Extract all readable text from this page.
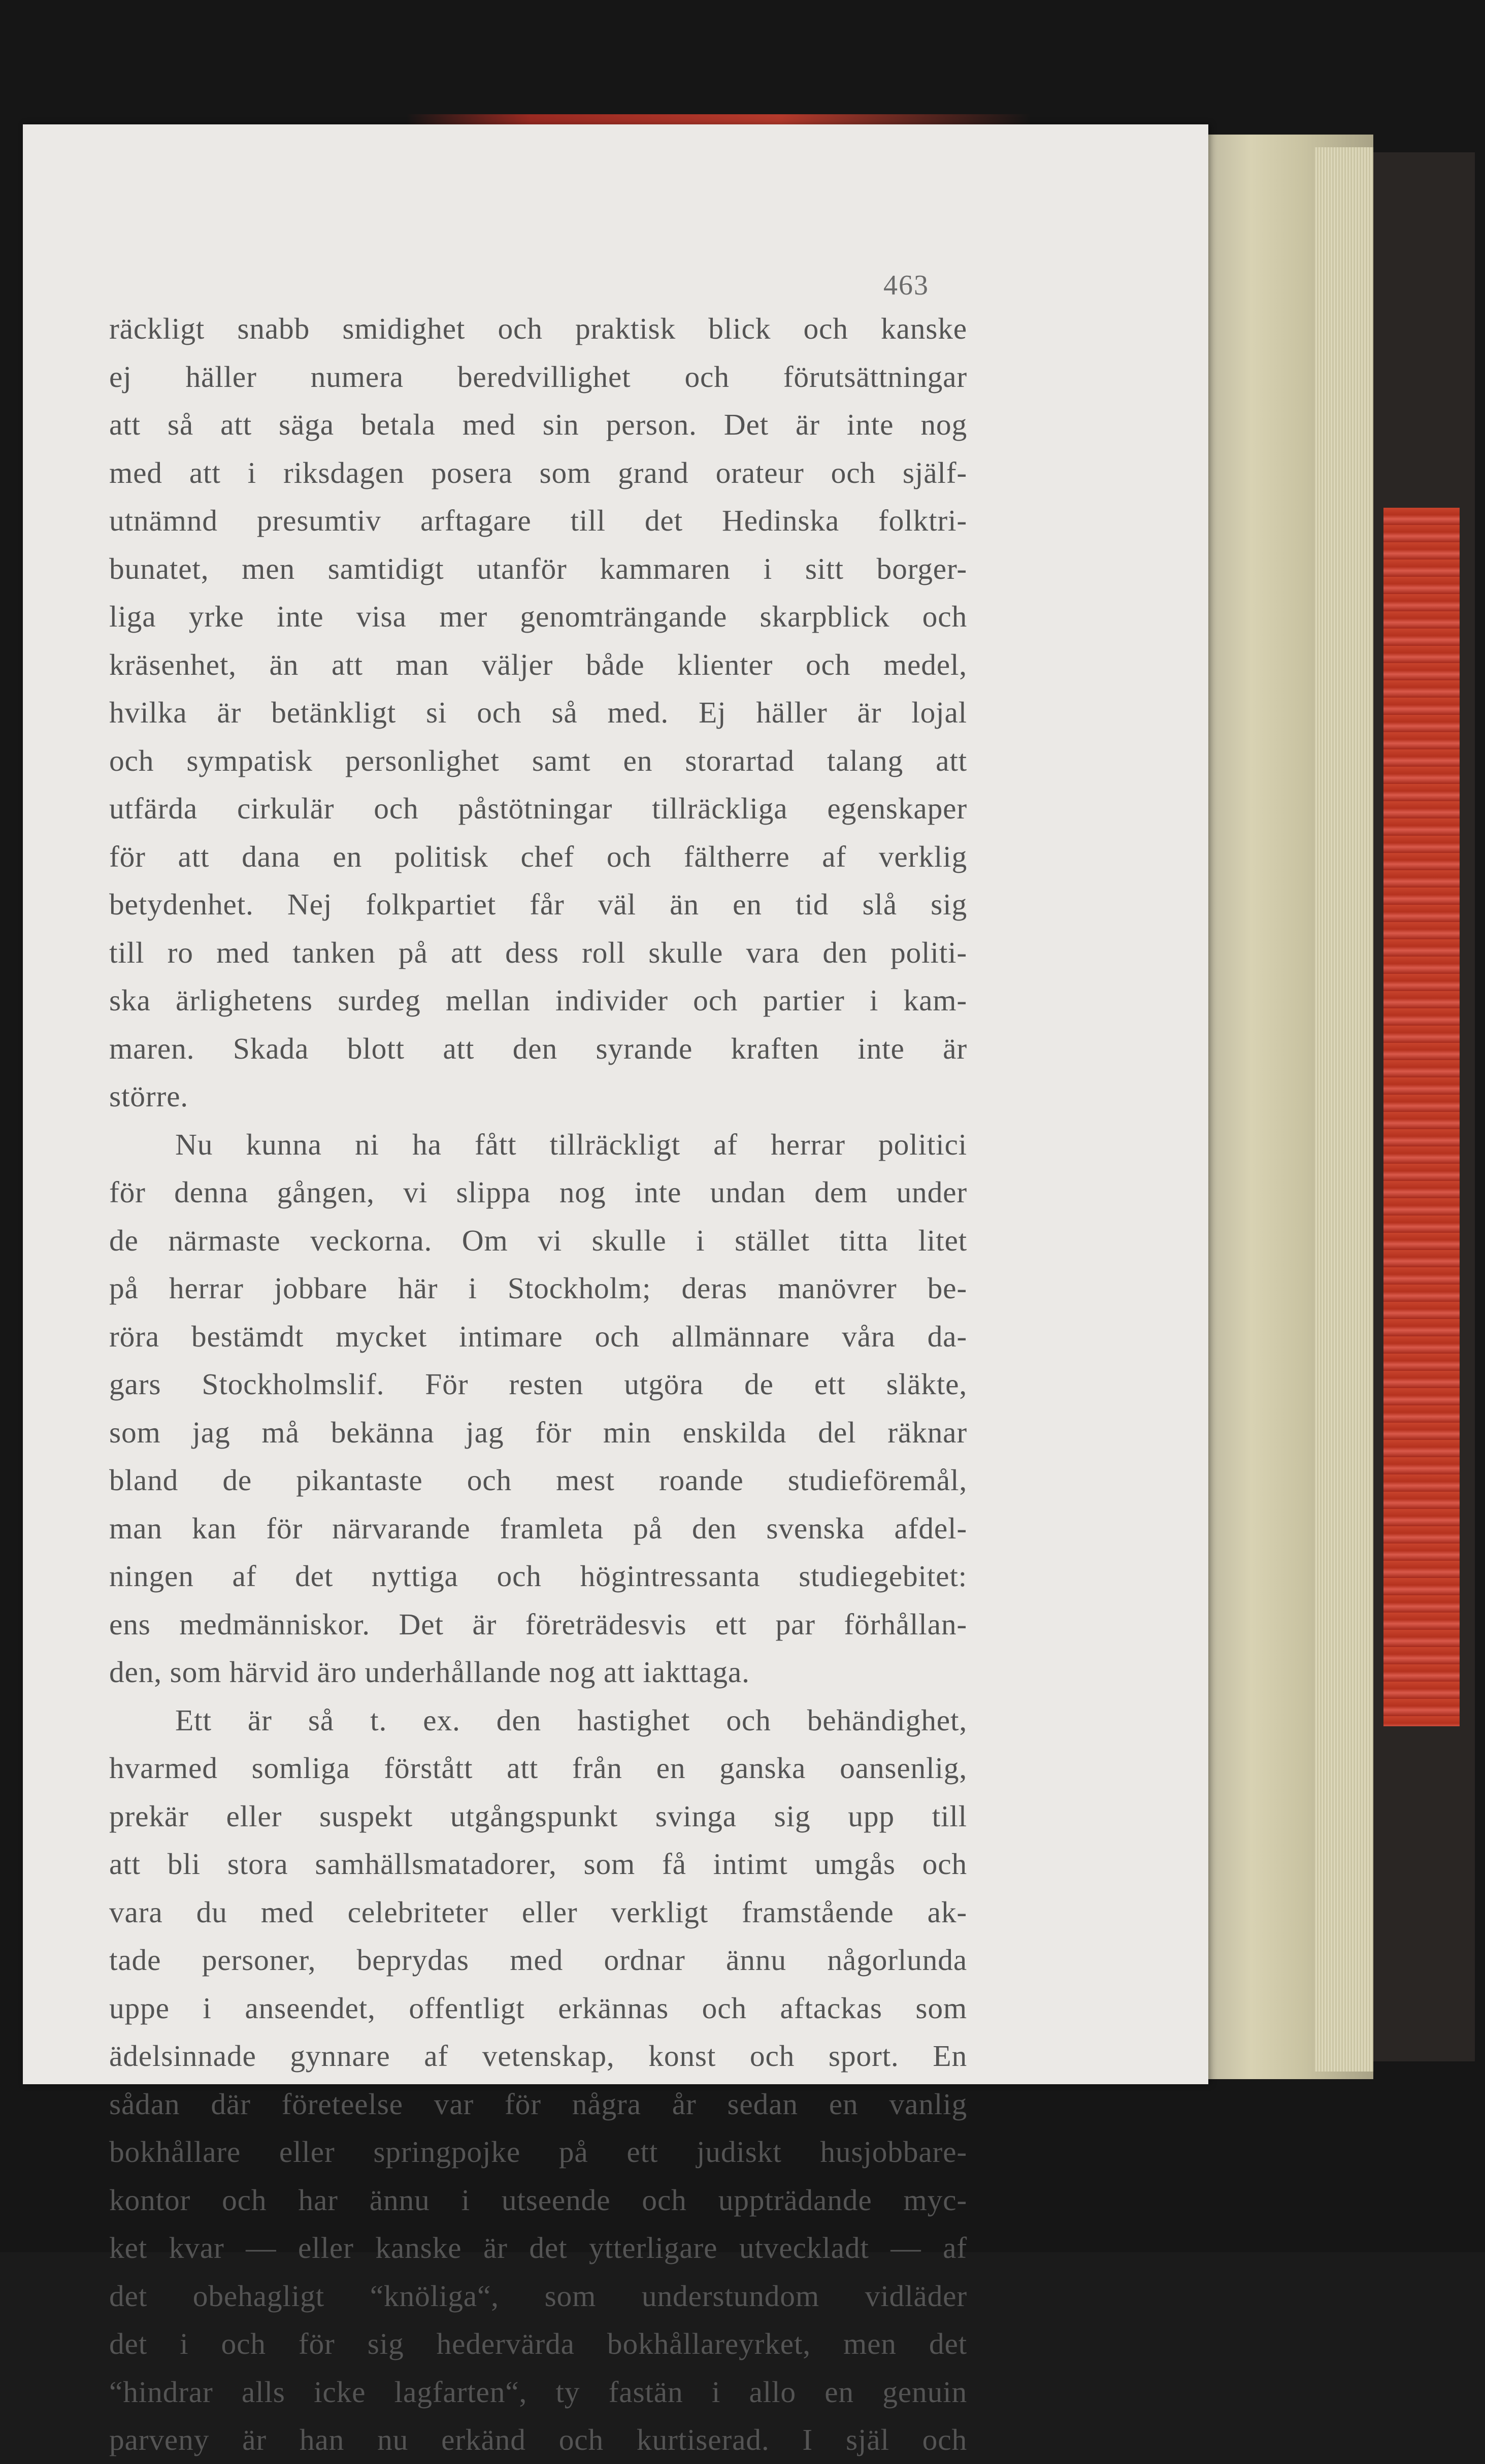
463
räckligt snabb smidighet och praktisk blick och kanske
ej häller numera beredvillighet och förutsättningar
att så att säga betala med sin person. Det är inte nog
med att i riksdagen posera som grand orateur och själf-
utnämnd presumtiv arftagare till det Hedinska folktri-
bunatet, men samtidigt utanför kammaren i sitt borger-
liga yrke inte visa mer genomträngande skarpblick och
kräsenhet, än att man väljer både klienter och medel,
hvilka är betänkligt si och så med. Ej häller är lojal
och sympatisk personlighet samt en storartad talang att
utfärda cirkulär och påstötningar tillräckliga egenskaper
för att dana en politisk chef och fältherre af verklig
betydenhet. Nej folkpartiet får väl än en tid slå sig
till ro med tanken på att dess roll skulle vara den politi-
ska ärlighetens surdeg mellan individer och partier i kam-
maren. Skada blott att den syrande kraften inte är
större.
Nu kunna ni ha fått tillräckligt af herrar politici
för denna gången, vi slippa nog inte undan dem under
de närmaste veckorna. Om vi skulle i stället titta litet
på herrar jobbare här i Stockholm; deras manövrer be-
röra bestämdt mycket intimare och allmännare våra da-
gars Stockholmslif. För resten utgöra de ett släkte,
som jag må bekänna jag för min enskilda del räknar
bland de pikantaste och mest roande studieföremål,
man kan för närvarande framleta på den svenska afdel-
ningen af det nyttiga och högintressanta studiegebitet:
ens medmänniskor. Det är företrädesvis ett par förhållan-
den, som härvid äro underhållande nog att iakttaga.
Ett är så t. ex. den hastighet och behändighet,
hvarmed somliga förstått att från en ganska oansenlig,
prekär eller suspekt utgångspunkt svinga sig upp till
att bli stora samhällsmatadorer, som få intimt umgås och
vara du med celebriteter eller verkligt framstående ak-
tade personer, beprydas med ordnar ännu någorlunda
uppe i anseendet, offentligt erkännas och aftackas som
ädelsinnade gynnare af vetenskap, konst och sport. En
sådan där företeelse var för några år sedan en vanlig
bokhållare eller springpojke på ett judiskt husjobbare-
kontor och har ännu i utseende och uppträdande myc-
ket kvar — eller kanske är det ytterligare utveckladt — af
det obehagligt “knöliga“, som understundom vidläder
det i och för sig hedervärda bokhållareyrket, men det
“hindrar alls icke lagfarten“, ty fastän i allo en genuin
parveny är han nu erkänd och kurtiserad. I själ och
